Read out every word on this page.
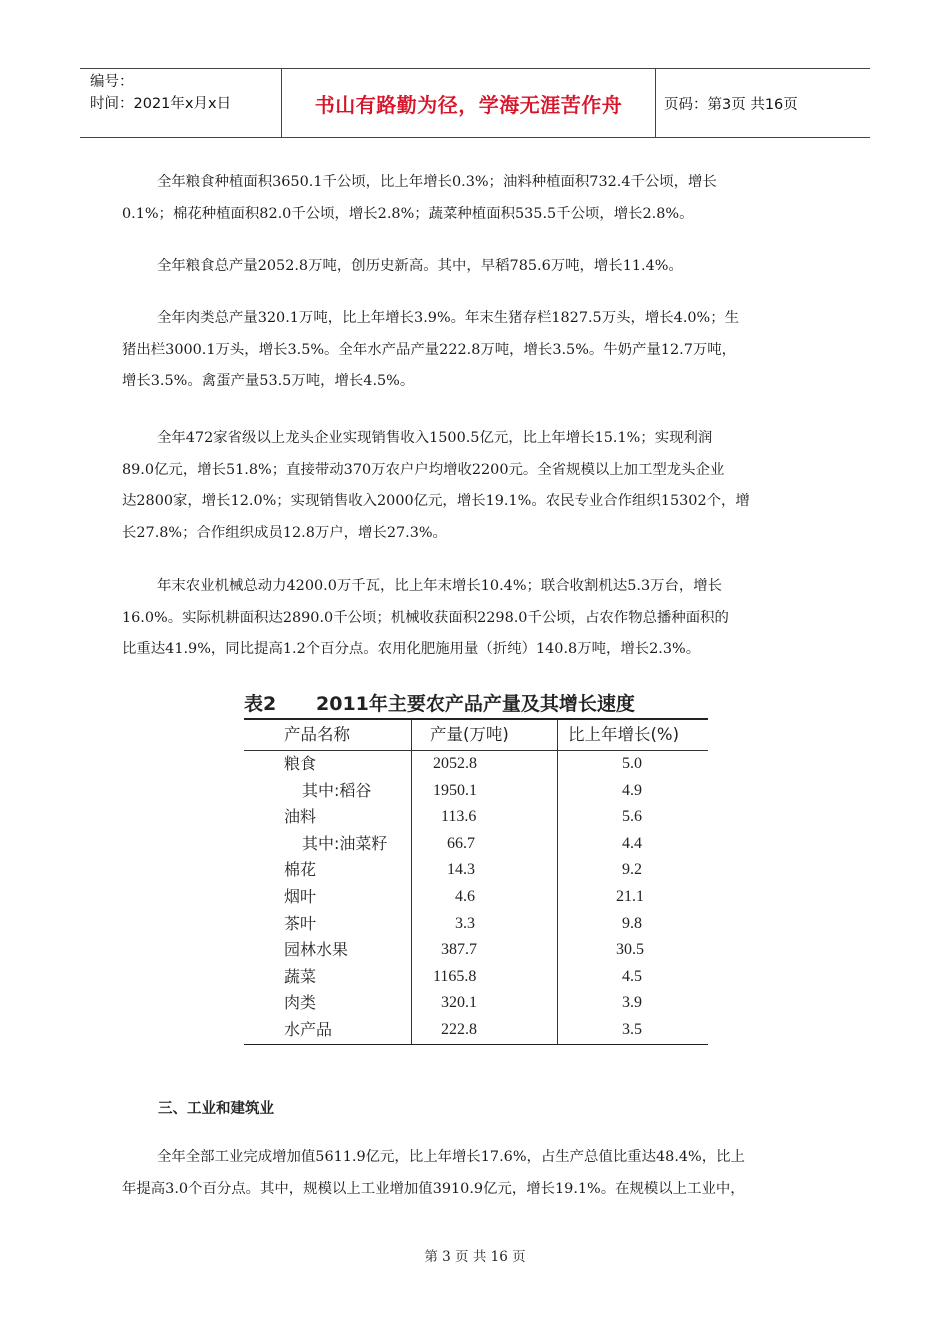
编号：
时间：2021年x月x日	书山有路勤为径，学海无涯苦作舟	页码：第3页 共16页
全年粮食种植面积3650.1千公顷，比上年增长0.3%；油料种植面积732.4千公顷，增长
0.1%；棉花种植面积82.0千公顷，增长2.8%；蔬菜种植面积535.5千公顷，增长2.8%。
全年粮食总产量2052.8万吨，创历史新高。其中，早稻785.6万吨，增长11.4%。
全年肉类总产量320.1万吨，比上年增长3.9%。年末生猪存栏1827.5万头，增长4.0%；生
猪出栏3000.1万头，增长3.5%。全年水产品产量222.8万吨，增长3.5%。牛奶产量12.7万吨，
增长3.5%。禽蛋产量53.5万吨，增长4.5%。
全年472家省级以上龙头企业实现销售收入1500.5亿元，比上年增长15.1%；实现利润
89.0亿元，增长51.8%；直接带动370万农户户均增收2200元。全省规模以上加工型龙头企业
达2800家，增长12.0%；实现销售收入2000亿元，增长19.1%。农民专业合作组织15302个，增
长27.8%；合作组织成员12.8万户，增长27.3%。
年末农业机械总动力4200.0万千瓦，比上年末增长10.4%；联合收割机达5.3万台，增长
16.0%。实际机耕面积达2890.0千公顷；机械收获面积2298.0千公顷，占农作物总播种面积的
比重达41.9%，同比提高1.2个百分点。农用化肥施用量（折纯）140.8万吨，增长2.3%。
表2 2011年主要农产品产量及其增长速度
产品名称	产量(万吨)	比上年增长(%)
粮食	2052.8	5.0
其中:稻谷	1950.1	4.9
油料	113.6	5.6
其中:油菜籽	66.7	4.4
棉花	14.3	9.2
烟叶	4.6	21.1
茶叶	3.3	9.8
园林水果	387.7	30.5
蔬菜	1165.8	4.5
肉类	320.1	3.9
水产品	222.8	3.5
三、工业和建筑业
全年全部工业完成增加值5611.9亿元，比上年增长17.6%，占生产总值比重达48.4%，比上
年提高3.0个百分点。其中，规模以上工业增加值3910.9亿元，增长19.1%。在规模以上工业中，
第 3 页 共 16 页
